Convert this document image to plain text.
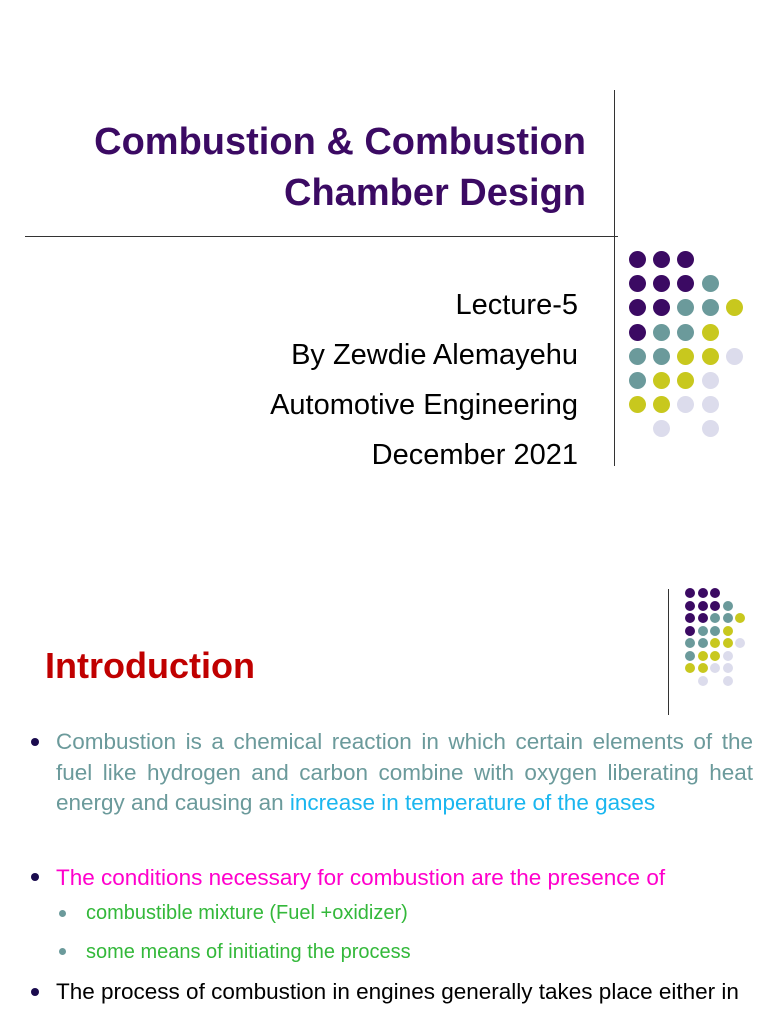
Combustion & Combustion
Chamber Design
Lecture-5
By Zewdie Alemayehu
Automotive Engineering
December 2021
Introduction
Combustion is a chemical reaction in which certain elements of the fuel like hydrogen and carbon combine with oxygen liberating heat energy and causing an increase in temperature of the gases
The conditions necessary for combustion are the presence of
combustible mixture (Fuel +oxidizer)
some means of initiating the process
The process of combustion in engines generally takes place either in
